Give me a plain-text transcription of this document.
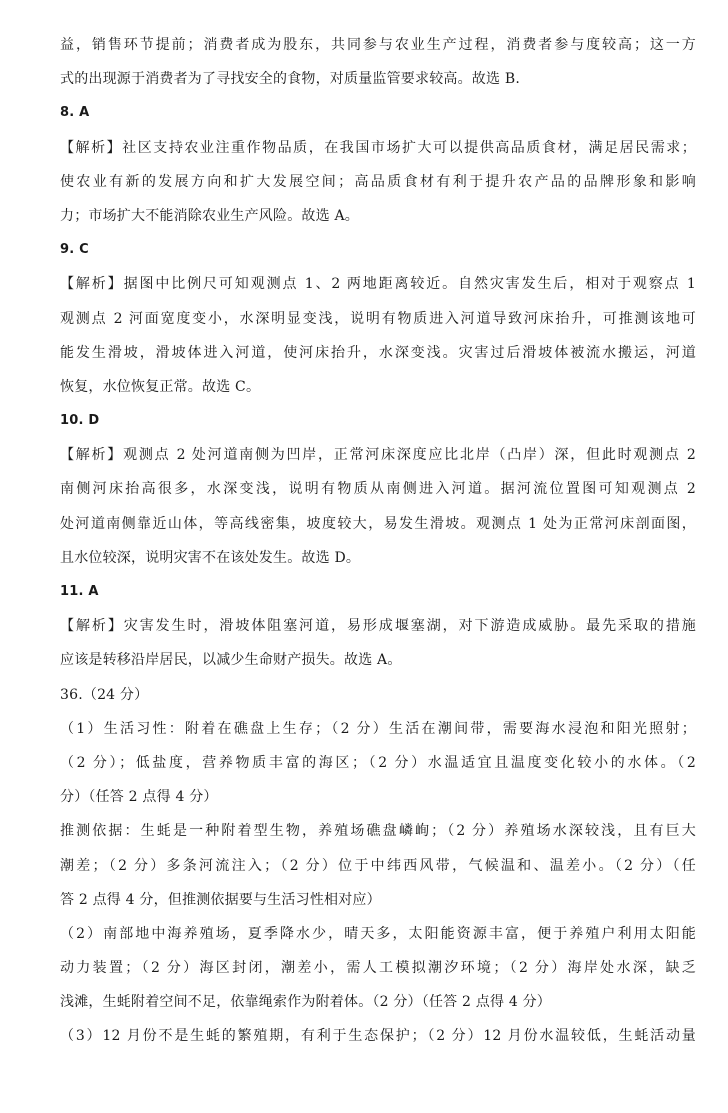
益，销售环节提前；消费者成为股东，共同参与农业生产过程，消费者参与度较高；这一方
式的出现源于消费者为了寻找安全的食物，对质量监管要求较高。故选 B.
8. A
【解析】社区支持农业注重作物品质，在我国市场扩大可以提供高品质食材，满足居民需求；
使农业有新的发展方向和扩大发展空间；高品质食材有利于提升农产品的品牌形象和影响
力；市场扩大不能消除农业生产风险。故选 A。
9. C
【解析】据图中比例尺可知观测点 1、2 两地距离较近。自然灾害发生后，相对于观察点 1
观测点 2 河面宽度变小，水深明显变浅，说明有物质进入河道导致河床抬升，可推测该地可
能发生滑坡，滑坡体进入河道，使河床抬升，水深变浅。灾害过后滑坡体被流水搬运，河道
恢复，水位恢复正常。故选 C。
10. D
【解析】观测点 2 处河道南侧为凹岸，正常河床深度应比北岸（凸岸）深，但此时观测点 2
南侧河床抬高很多，水深变浅，说明有物质从南侧进入河道。据河流位置图可知观测点 2
处河道南侧靠近山体，等高线密集，坡度较大，易发生滑坡。观测点 1 处为正常河床剖面图，
且水位较深，说明灾害不在该处发生。故选 D。
11. A
【解析】灾害发生时，滑坡体阻塞河道，易形成堰塞湖，对下游造成威胁。最先采取的措施
应该是转移沿岸居民，以减少生命财产损失。故选 A。
36.（24 分）
（1）生活习性：附着在礁盘上生存；（2 分）生活在潮间带，需要海水浸泡和阳光照射；
（2 分）；低盐度，营养物质丰富的海区；（2 分）水温适宜且温度变化较小的水体。（2
分）（任答 2 点得 4 分）
推测依据：生蚝是一种附着型生物，养殖场礁盘嶙峋；（2 分）养殖场水深较浅，且有巨大
潮差；（2 分）多条河流注入；（2 分）位于中纬西风带，气候温和、温差小。（2 分）（任
答 2 点得 4 分，但推测依据要与生活习性相对应）
（2）南部地中海养殖场，夏季降水少，晴天多，太阳能资源丰富，便于养殖户利用太阳能
动力装置；（2 分）海区封闭，潮差小，需人工模拟潮汐环境；（2 分）海岸处水深，缺乏
浅滩，生蚝附着空间不足，依靠绳索作为附着体。（2 分）（任答 2 点得 4 分）
（3）12 月份不是生蚝的繁殖期，有利于生态保护；（2 分）12 月份水温较低，生蚝活动量
